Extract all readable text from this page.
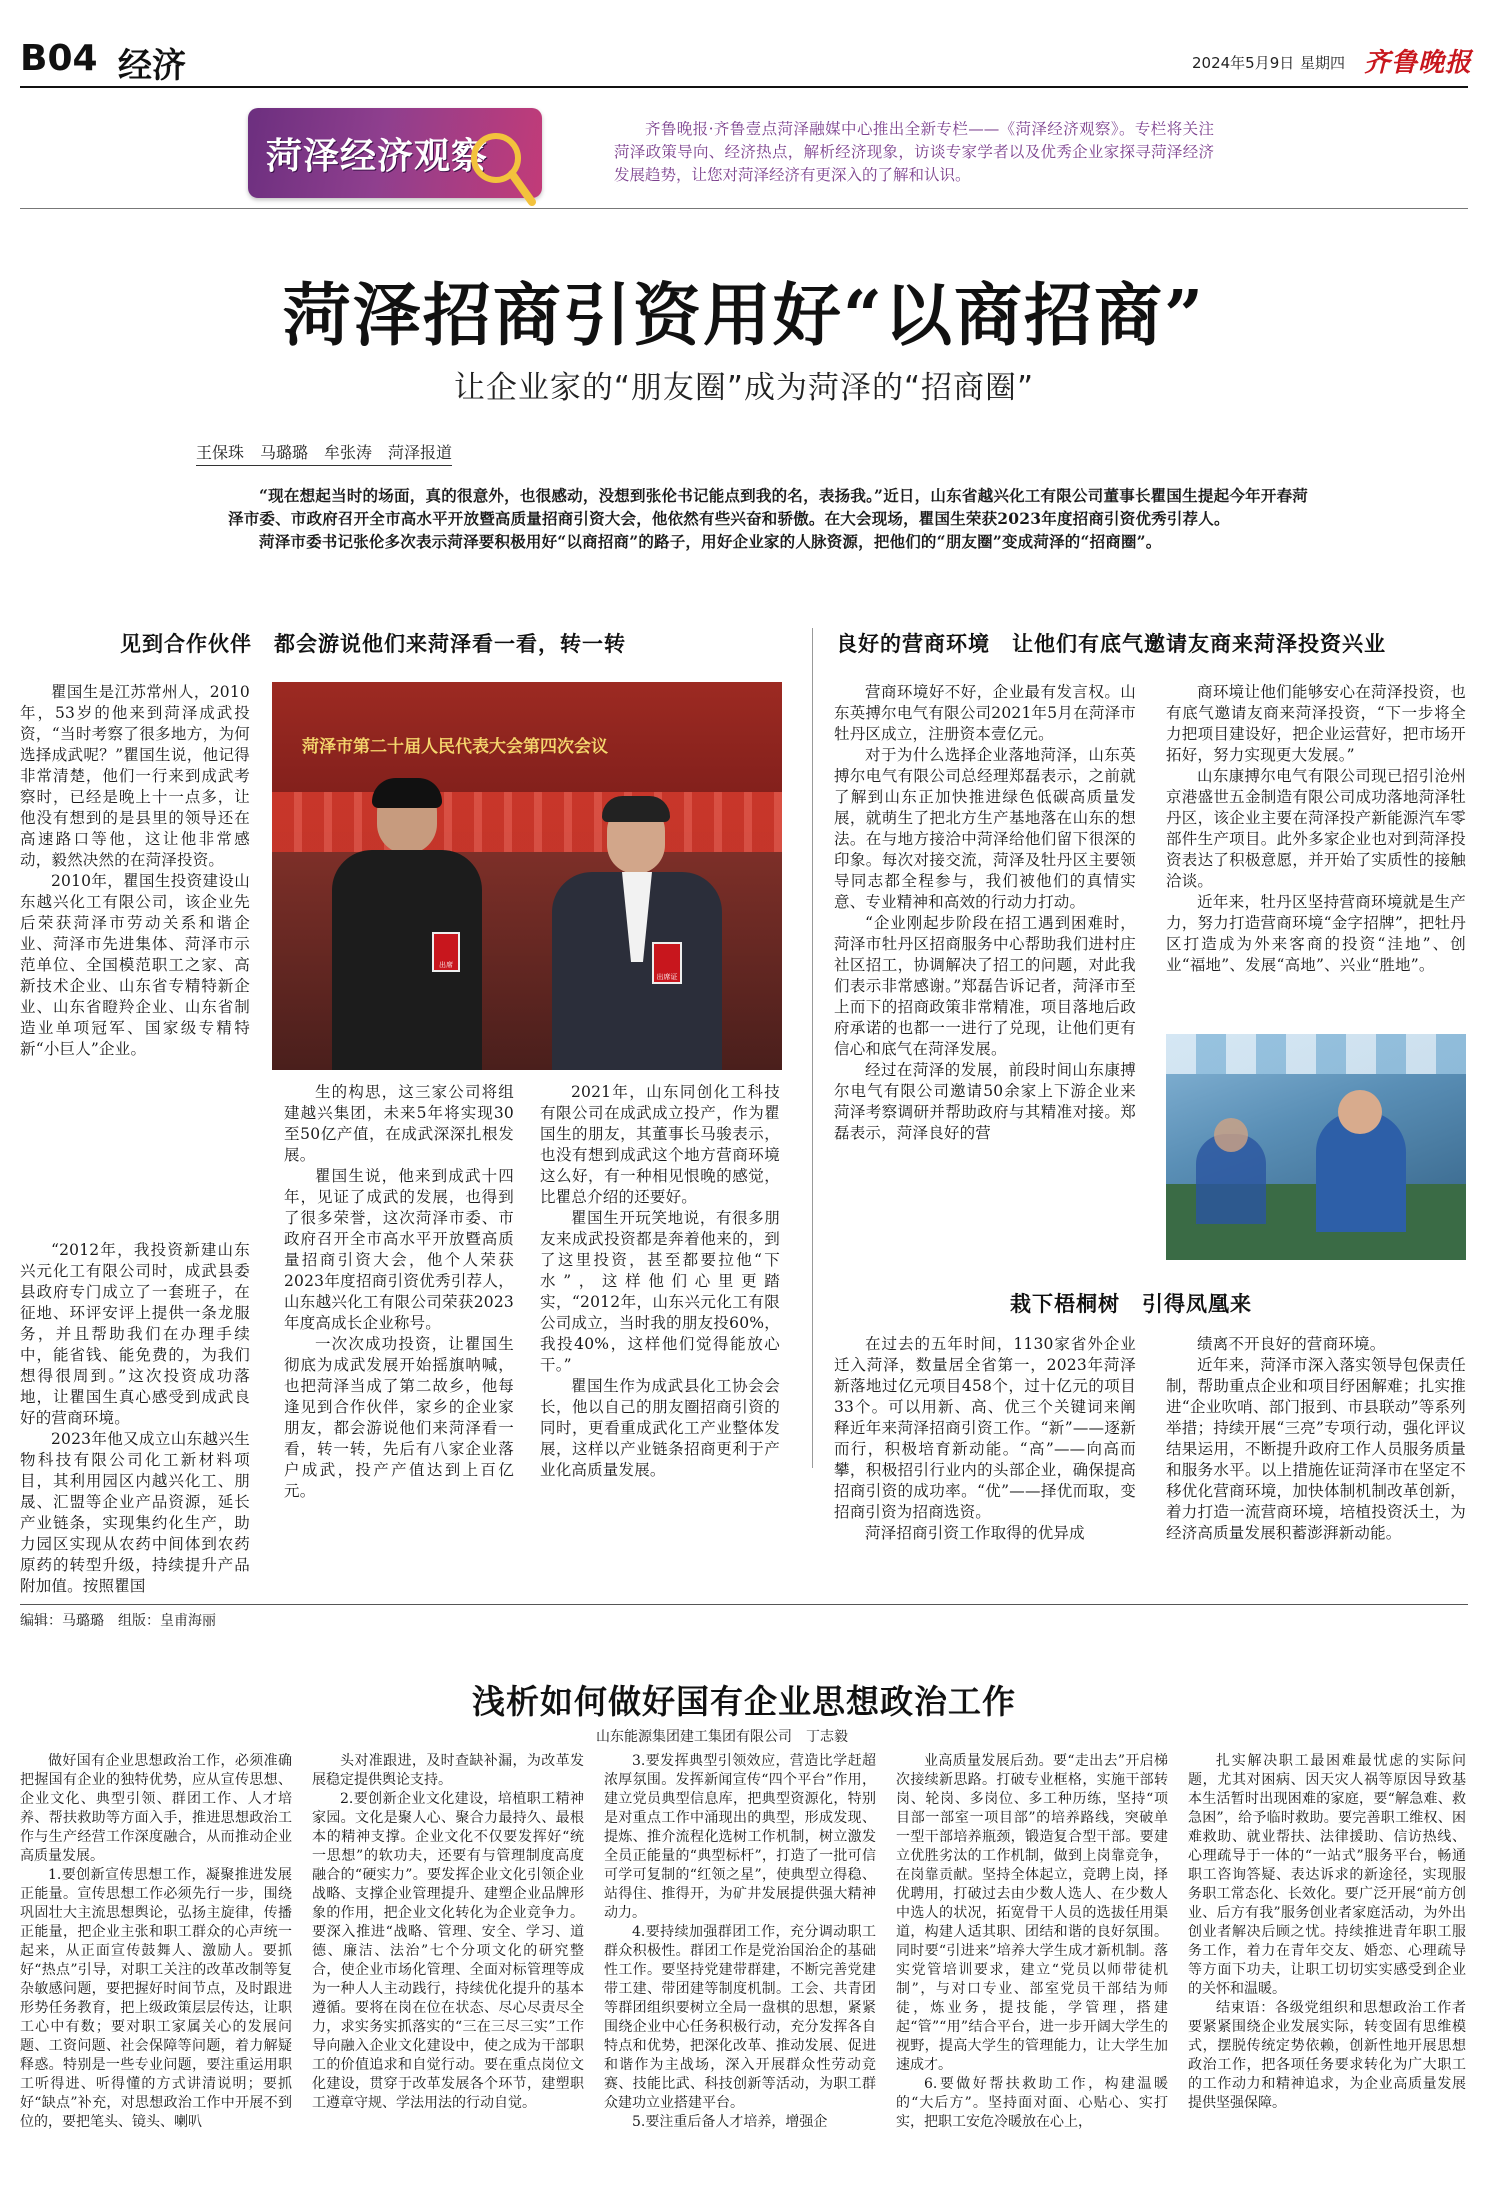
B04 经济	2024年5月9日 星期四 齐鲁晚报
菏泽经济观察
齐鲁晚报·齐鲁壹点菏泽融媒中心推出全新专栏——《菏泽经济观察》。专栏将关注菏泽政策导向、经济热点，解析经济现象，访谈专家学者以及优秀企业家探寻菏泽经济发展趋势，让您对菏泽经济有更深入的了解和认识。
菏泽招商引资用好“以商招商”
让企业家的“朋友圈”成为菏泽的“招商圈”
王保珠　马璐璐　牟张涛　菏泽报道

“现在想起当时的场面，真的很意外，也很感动，没想到张伦书记能点到我的名，表扬我。”近日，山东省越兴化工有限公司董事长瞿国生提起今年开春菏泽市委、市政府召开全市高水平开放暨高质量招商引资大会，他依然有些兴奋和骄傲。在大会现场，瞿国生荣获2023年度招商引资优秀引荐人。

菏泽市委书记张伦多次表示菏泽要积极用好“以商招商”的路子，用好企业家的人脉资源，把他们的“朋友圈”变成菏泽的“招商圈”。

见到合作伙伴　都会游说他们来菏泽看一看，转一转	良好的营商环境　让他们有底气邀请友商来菏泽投资兴业
菏泽市第二十届人民代表大会第四次会议
出席
出席证

瞿国生是江苏常州人，2010年，53岁的他来到菏泽成武投资，“当时考察了很多地方，为何选择成武呢？”瞿国生说，他记得非常清楚，他们一行来到成武考察时，已经是晚上十一点多，让他没有想到的是县里的领导还在高速路口等他，这让他非常感动，毅然决然的在菏泽投资。

2010年，瞿国生投资建设山东越兴化工有限公司，该企业先后荣获菏泽市劳动关系和谐企业、菏泽市先进集体、菏泽市示范单位、全国模范职工之家、高新技术企业、山东省专精特新企业、山东省瞪羚企业、山东省制造业单项冠军、国家级专精特新“小巨人”企业。

“2012年，我投资新建山东兴元化工有限公司时，成武县委县政府专门成立了一套班子，在征地、环评安评上提供一条龙服务，并且帮助我们在办理手续中，能省钱、能免费的，为我们想得很周到。”这次投资成功落地，让瞿国生真心感受到成武良好的营商环境。

2023年他又成立山东越兴生物科技有限公司化工新材料项目，其利用园区内越兴化工、朋晟、汇盟等企业产品资源，延长产业链条，实现集约化生产，助力园区实现从农药中间体到农药原药的转型升级，持续提升产品附加值。按照瞿国

生的构思，这三家公司将组建越兴集团，未来5年将实现30至50亿产值，在成武深深扎根发展。

瞿国生说，他来到成武十四年，见证了成武的发展，也得到了很多荣誉，这次菏泽市委、市政府召开全市高水平开放暨高质量招商引资大会，他个人荣获2023年度招商引资优秀引荐人，山东越兴化工有限公司荣获2023年度高成长企业称号。

一次次成功投资，让瞿国生彻底为成武发展开始摇旗呐喊，也把菏泽当成了第二故乡，他每逢见到合作伙伴，家乡的企业家朋友，都会游说他们来菏泽看一看，转一转，先后有八家企业落户成武，投产产值达到上百亿元。

2021年，山东同创化工科技有限公司在成武成立投产，作为瞿国生的朋友，其董事长马骏表示，也没有想到成武这个地方营商环境这么好，有一种相见恨晚的感觉，比瞿总介绍的还要好。

瞿国生开玩笑地说，有很多朋友来成武投资都是奔着他来的，到了这里投资，甚至都要拉他“下水”，这样他们心里更踏实，“2012年，山东兴元化工有限公司成立，当时我的朋友投60%，我投40%，这样他们觉得能放心干。”

瞿国生作为成武县化工协会会长，他以自己的朋友圈招商引资的同时，更看重成武化工产业整体发展，这样以产业链条招商更利于产业化高质量发展。

营商环境好不好，企业最有发言权。山东英搏尔电气有限公司2021年5月在菏泽市牡丹区成立，注册资本壹亿元。

对于为什么选择企业落地菏泽，山东英搏尔电气有限公司总经理郑磊表示，之前就了解到山东正加快推进绿色低碳高质量发展，就萌生了把北方生产基地落在山东的想法。在与地方接洽中菏泽给他们留下很深的印象。每次对接交流，菏泽及牡丹区主要领导同志都全程参与，我们被他们的真情实意、专业精神和高效的行动力打动。

“企业刚起步阶段在招工遇到困难时，菏泽市牡丹区招商服务中心帮助我们进村庄社区招工，协调解决了招工的问题，对此我们表示非常感谢。”郑磊告诉记者，菏泽市至上而下的招商政策非常精准，项目落地后政府承诺的也都一一进行了兑现，让他们更有信心和底气在菏泽发展。

经过在菏泽的发展，前段时间山东康搏尔电气有限公司邀请50余家上下游企业来菏泽考察调研并帮助政府与其精准对接。郑磊表示，菏泽良好的营

商环境让他们能够安心在菏泽投资，也有底气邀请友商来菏泽投资，“下一步将全力把项目建设好，把企业运营好，把市场开拓好，努力实现更大发展。”

山东康搏尔电气有限公司现已招引沧州京港盛世五金制造有限公司成功落地菏泽牡丹区，该企业主要在菏泽投产新能源汽车零部件生产项目。此外多家企业也对到菏泽投资表达了积极意愿，并开始了实质性的接触洽谈。

近年来，牡丹区坚持营商环境就是生产力，努力打造营商环境“金字招牌”，把牡丹区打造成为外来客商的投资“洼地”、创业“福地”、发展“高地”、兴业“胜地”。

栽下梧桐树　引得凤凰来

在过去的五年时间，1130家省外企业迁入菏泽，数量居全省第一，2023年菏泽新落地过亿元项目458个，过十亿元的项目33个。可以用新、高、优三个关键词来阐释近年来菏泽招商引资工作。“新”——逐新而行，积极培育新动能。“高”——向高而攀，积极招引行业内的头部企业，确保提高招商引资的成功率。“优”——择优而取，变招商引资为招商选资。

菏泽招商引资工作取得的优异成

绩离不开良好的营商环境。

近年来，菏泽市深入落实领导包保责任制，帮助重点企业和项目纾困解难；扎实推进“企业吹哨、部门报到、市县联动”等系列举措；持续开展“三亮”专项行动，强化评议结果运用，不断提升政府工作人员服务质量和服务水平。以上措施佐证菏泽市在坚定不移优化营商环境，加快体制机制改革创新，着力打造一流营商环境，培植投资沃土，为经济高质量发展积蓄澎湃新动能。

编辑：马璐璐　组版：皇甫海丽
浅析如何做好国有企业思想政治工作
山东能源集团建工集团有限公司　丁志毅

做好国有企业思想政治工作，必须准确把握国有企业的独特优势，应从宣传思想、企业文化、典型引领、群团工作、人才培养、帮扶救助等方面入手，推进思想政治工作与生产经营工作深度融合，从而推动企业高质量发展。

1.要创新宣传思想工作，凝聚推进发展正能量。宣传思想工作必须先行一步，围绕巩固壮大主流思想舆论，弘扬主旋律，传播正能量，把企业主张和职工群众的心声统一起来，从正面宣传鼓舞人、激励人。要抓好“热点”引导，对职工关注的改革改制等复杂敏感问题，要把握好时间节点，及时跟进形势任务教育，把上级政策层层传达，让职工心中有数；要对职工家属关心的发展问题、工资问题、社会保障等问题，着力解疑释惑。特别是一些专业问题，要注重运用职工听得进、听得懂的方式讲清说明；要抓好“缺点”补充，对思想政治工作中开展不到位的，要把笔头、镜头、喇叭

头对准跟进，及时查缺补漏，为改革发展稳定提供舆论支持。

2.要创新企业文化建设，培植职工精神家园。文化是聚人心、聚合力最持久、最根本的精神支撑。企业文化不仅要发挥好“统一思想”的软功夫，还要有与管理制度高度融合的“硬实力”。要发挥企业文化引领企业战略、支撑企业管理提升、建塑企业品牌形象的作用，把企业文化转化为企业竞争力。要深入推进“战略、管理、安全、学习、道德、廉洁、法治”七个分项文化的研究整合，使企业市场化管理、全面对标管理等成为一种人人主动践行，持续优化提升的基本遵循。要将在岗在位在状态、尽心尽责尽全力，求实务实抓落实的“三在三尽三实”工作导向融入企业文化建设中，使之成为干部职工的价值追求和自觉行动。要在重点岗位文化建设，贯穿于改革发展各个环节，建塑职工遵章守规、学法用法的行动自觉。

3.要发挥典型引领效应，营造比学赶超浓厚氛围。发挥新闻宣传“四个平台”作用，建立党员典型信息库，把典型资源化，特别是对重点工作中涌现出的典型，形成发现、提炼、推介流程化选树工作机制，树立激发全员正能量的“典型标杆”，打造了一批可信可学可复制的“红领之星”，使典型立得稳、站得住、推得开，为矿井发展提供强大精神动力。

4.要持续加强群团工作，充分调动职工群众积极性。群团工作是党治国治企的基础性工作。要坚持党建带群建，不断完善党建带工建、带团建等制度机制。工会、共青团等群团组织要树立全局一盘棋的思想，紧紧围绕企业中心任务积极行动，充分发挥各自特点和优势，把深化改革、推动发展、促进和谐作为主战场，深入开展群众性劳动竞赛、技能比武、科技创新等活动，为职工群众建功立业搭建平台。

5.要注重后备人才培养，增强企

业高质量发展后劲。要“走出去”开启梯次接续新思路。打破专业框格，实施干部转岗、轮岗、多岗位、多工种历练，坚持“项目部一部室一项目部”的培养路线，突破单一型干部培养瓶颈，锻造复合型干部。要建立优胜劣汰的工作机制，做到上岗靠竞争，在岗靠贡献。坚持全体起立，竞聘上岗，择优聘用，打破过去由少数人选人、在少数人中选人的状况，拓宽骨干人员的选拔任用渠道，构建人适其职、团结和谐的良好氛围。同时要“引进来”培养大学生成才新机制。落实党管培训要求，建立“党员以师带徒机制”，与对口专业、部室党员干部结为师徒，炼业务，提技能，学管理，搭建起“管”“用”结合平台，进一步开阔大学生的视野，提高大学生的管理能力，让大学生加速成才。

6.要做好帮扶救助工作，构建温暖的“大后方”。坚持面对面、心贴心、实打实，把职工安危冷暖放在心上，

扎实解决职工最困难最忧虑的实际问题，尤其对困病、因天灾人祸等原因导致基本生活暂时出现困难的家庭，要“解急难、救急困”，给予临时救助。要完善职工维权、困难救助、就业帮扶、法律援助、信访热线、心理疏导于一体的“一站式”服务平台，畅通职工咨询答疑、表达诉求的新途径，实现服务职工常态化、长效化。要广泛开展“前方创业、后方有我”服务创业者家庭活动，为外出创业者解决后顾之忧。持续推进青年职工服务工作，着力在青年交友、婚恋、心理疏导等方面下功夫，让职工切切实实感受到企业的关怀和温暖。

结束语：各级党组织和思想政治工作者要紧紧围绕企业发展实际，转变固有思维模式，摆脱传统定势依赖，创新性地开展思想政治工作，把各项任务要求转化为广大职工的工作动力和精神追求，为企业高质量发展提供坚强保障。
